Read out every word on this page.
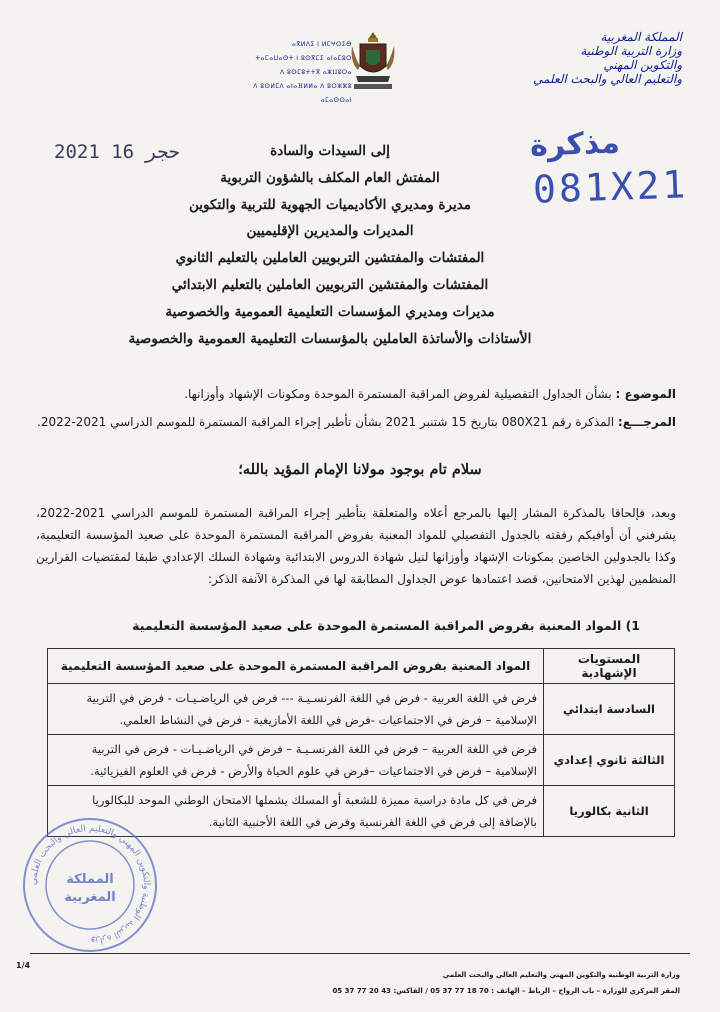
المملكة المغربية
وزارة التربية الوطنية
والتكوين المهني
والتعليم العالي والبحث العلمي
ⴰⴳⵍⴷⵉ ⵏ ⵍⵎⵖⵔⵉⴱ
ⵜⴰⵎⴰⵡⴰⵙⵜ ⵏ ⵓⵙⴳⵎⵉ ⴰⵏⴰⵎⵓⵔ
ⴷ ⵓⵙⵎⵓⵜⵜⴳ ⴰⵣⵡⵓⵔⴰ
ⴷ ⵓⵙⵍⵎⴷ ⴰⵏⴰⴼⵍⵍⴰ ⴷ ⵓⵔⵣⵣⵓ ⴰⵎⴰⵙⵙⴰⵏ
2021 حجر 16	مذكرة
081X21
إلى السيدات والسادة
المفتش العام المكلف بالشؤون التربوية
مديرة ومديري الأكاديميات الجهوية للتربية والتكوين
المديرات والمديرين الإقليميين
المفتشات والمفتشين التربويين العاملين بالتعليم الثانوي
المفتشات والمفتشين التربويين العاملين بالتعليم الابتدائي
مديرات ومديري المؤسسات التعليمية العمومية والخصوصية
الأستاذات والأساتذة العاملين بالمؤسسات التعليمية العمومية والخصوصية
الموضوع : بشأن الجداول التفصيلية لفروض المراقبة المستمرة الموحدة ومكونات الإشهاد وأوزانها.
المرجـــع: المذكرة رقم 080X21 بتاريخ 15 شتنبر 2021 بشأن تأطير إجراء المراقبة المستمرة للموسم الدراسي 2021-2022.
سلام تام بوجود مولانا الإمام المؤيد بالله؛
وبعد، فإلحاقا بالمذكرة المشار إليها بالمرجع أعلاه والمتعلقة بتأطير إجراء المراقبة المستمرة للموسم الدراسي 2021-2022، يشرفني أن أوافيكم رفقته بالجدول التفصيلي للمواد المعنية بفروض المراقبة المستمرة الموحدة على صعيد المؤسسة التعليمية، وكذا بالجدولين الخاصين بمكونات الإشهاد وأوزانها لنيل شهادة الدروس الابتدائية وشهادة السلك الإعدادي طبقا لمقتضيات القرارين المنظمين لهذين الامتحانين، قصد اعتمادها عوض الجداول المطابقة لها في المذكرة الآنفة الذكر:
1) المواد المعنية بفروض المراقبة المستمرة الموحدة على صعيد المؤسسة التعليمية
المستويات الإشهادية	المواد المعنية بفروض المراقبة المستمرة الموحدة على صعيد المؤسسة التعليمية
السادسة ابتدائي	فرض في اللغة العربية - فرض في اللغة الفرنسـيـة --- فرض في الرياضـيـات - فرض في التربية الإسلامية – فرض في الاجتماعيات -فرض في اللغة الأمازيغية - فرض في النشاط العلمي.
الثالثة ثانوي إعدادي	فرض في اللغة العربية – فرض في اللغة الفرنسـيـة – فرض في الرياضـيـات - فرض في التربية الإسلامية – فرض في الاجتماعيات –فرض في علوم الحياة والأرض - فرض في العلوم الفيزيائية.
الثانية بكالوريا	فرض في كل مادة دراسية مميزة للشعبة أو المسلك يشملها الامتحان الوطني الموحد للبكالوريا بالإضافة إلى فرض في اللغة الفرنسية وفرض في اللغة الأجنبية الثانية.
وزارة التربية الوطنية والتكوين المهني والتعليم العالي والبحث العلمي
المملكة
المغربية
1/4
وزارة التربية الوطنية والتكوين المهني والتعليم العالي والبحث العلمي
المقر المركزي للوزارة – باب الرواح – الرباط – الهاتف : 70 18 77 37 05 / الفاكس: 43 20 77 37 05
